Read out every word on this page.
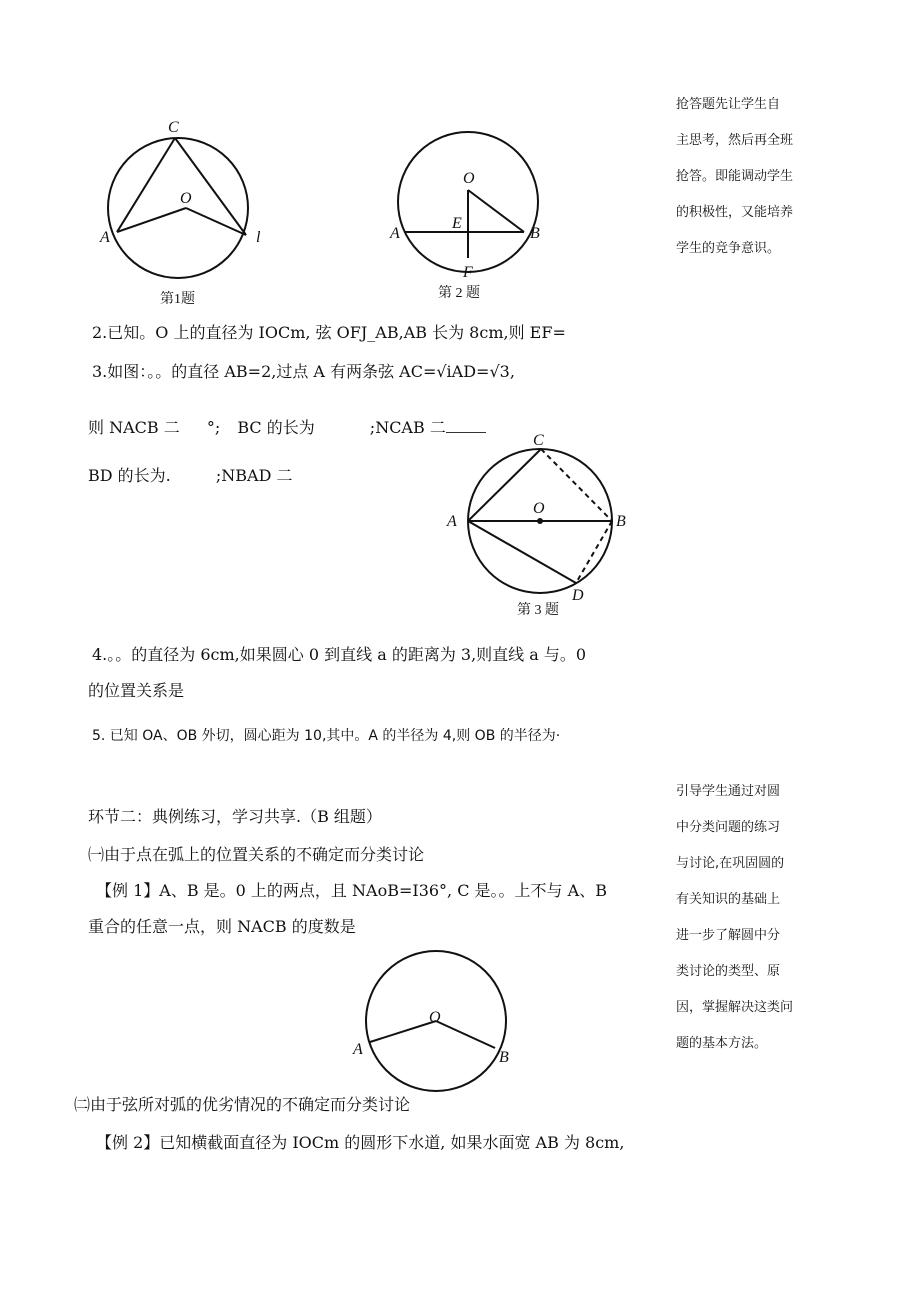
抢答题先让学生自
主思考，然后再全班
抢答。即能调动学生
的积极性，又能培养
学生的竞争意识。
C
O
A	l
第1题
O
E
A	B
F
第 2 题
2.已知。O 上的直径为 IOCm, 弦 OFJ_AB,AB 长为 8cm,则 EF=
3.如图：。。的直径 AB=2,过点 A 有两条弦 AC=√iAD=√3,
则 NACB 二 °; BC 的长为	;NCAB 二
BD 的长为.	;NBAD 二
C
O
A	B
D
第 3 题
4.。。的直径为 6cm,如果圆心 0 到直线 a 的距离为 3,则直线 a 与。0
的位置关系是
5. 已知 OA、OB 外切，圆心距为 10,其中。A 的半径为 4,则 OB 的半径为·
引导学生通过对圆
中分类问题的练习
与讨论,在巩固圆的
有关知识的基础上
进一步了解圆中分
类讨论的类型、原
因，掌握解决这类问
题的基本方法。
环节二：典例练习，学习共享.（B 组题）
㈠由于点在弧上的位置关系的不确定而分类讨论
【例 1】A、B 是。0 上的两点，且 NAoB=I36°, C 是。。上不与 A、B
重合的任意一点，则 NACB 的度数是
O
A	B
㈡由于弦所对弧的优劣情况的不确定而分类讨论
【例 2】已知横截面直径为 IOCm 的圆形下水道, 如果水面宽 AB 为 8cm,
